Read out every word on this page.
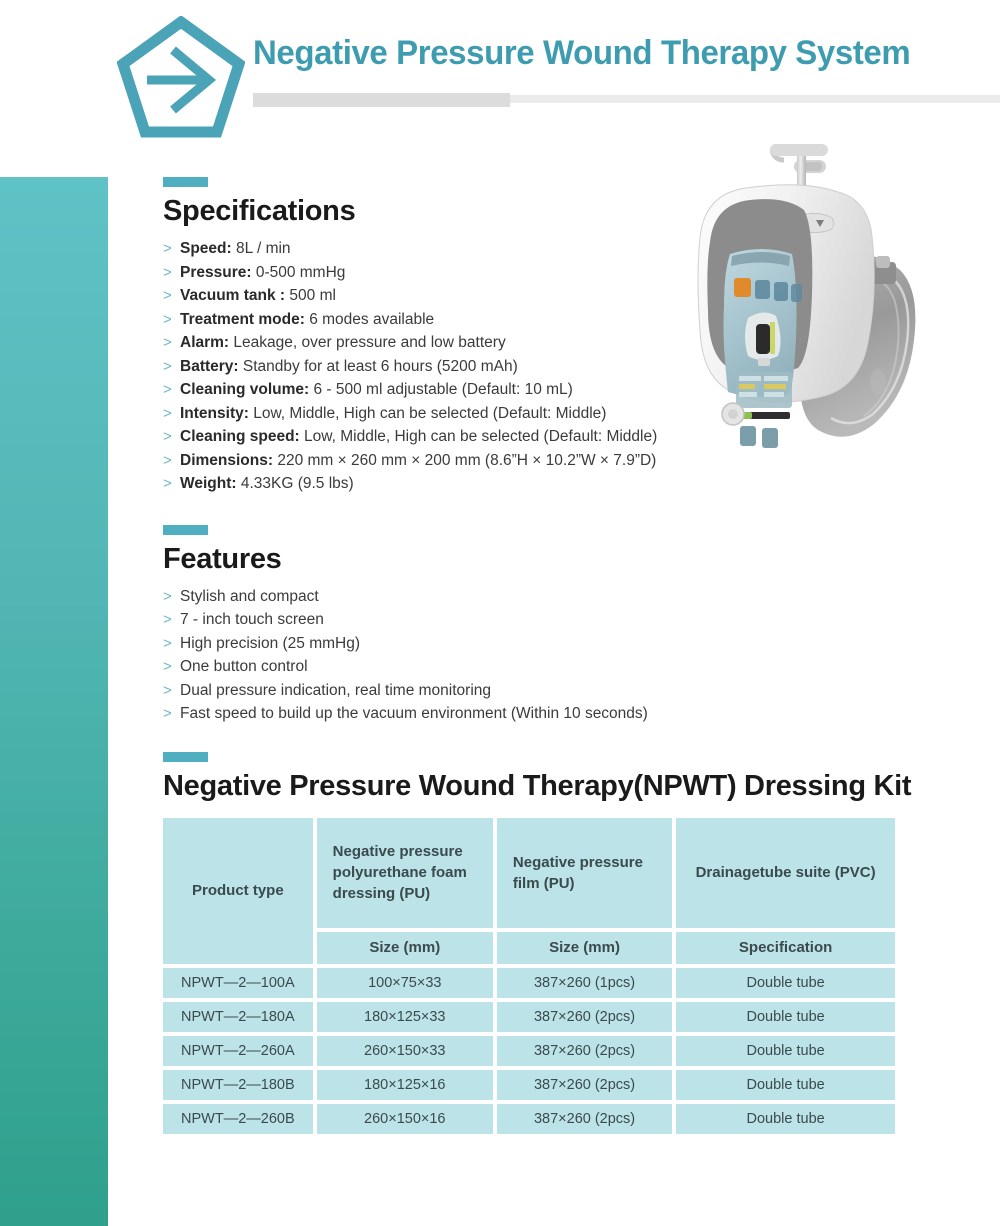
Negative Pressure Wound Therapy System
Specifications
> Speed: 8L / min
> Pressure: 0-500 mmHg
> Vacuum tank : 500 ml
> Treatment mode: 6 modes available
> Alarm: Leakage, over pressure and low battery
> Battery: Standby for at least 6 hours (5200 mAh)
> Cleaning volume: 6 - 500 ml adjustable (Default: 10 mL)
> Intensity: Low, Middle, High can be selected (Default: Middle)
> Cleaning speed: Low, Middle, High can be selected (Default: Middle)
> Dimensions: 220 mm × 260 mm × 200 mm (8.6”H × 10.2”W × 7.9”D)
> Weight: 4.33KG (9.5 lbs)
Features
> Stylish and compact
> 7 - inch touch screen
> High precision (25 mmHg)
> One button control
> Dual pressure indication, real time monitoring
> Fast speed to build up the vacuum environment (Within 10 seconds)
Negative Pressure Wound Therapy(NPWT) Dressing Kit
Product type	Negative pressure polyurethane foam dressing (PU)	Negative pressure film (PU)	Drainagetube suite (PVC)
	Size (mm)	Size (mm)	Specification
NPWT—2—100A	100×75×33	387×260 (1pcs)	Double tube
NPWT—2—180A	180×125×33	387×260 (2pcs)	Double tube
NPWT—2—260A	260×150×33	387×260 (2pcs)	Double tube
NPWT—2—180B	180×125×16	387×260 (2pcs)	Double tube
NPWT—2—260B	260×150×16	387×260 (2pcs)	Double tube
